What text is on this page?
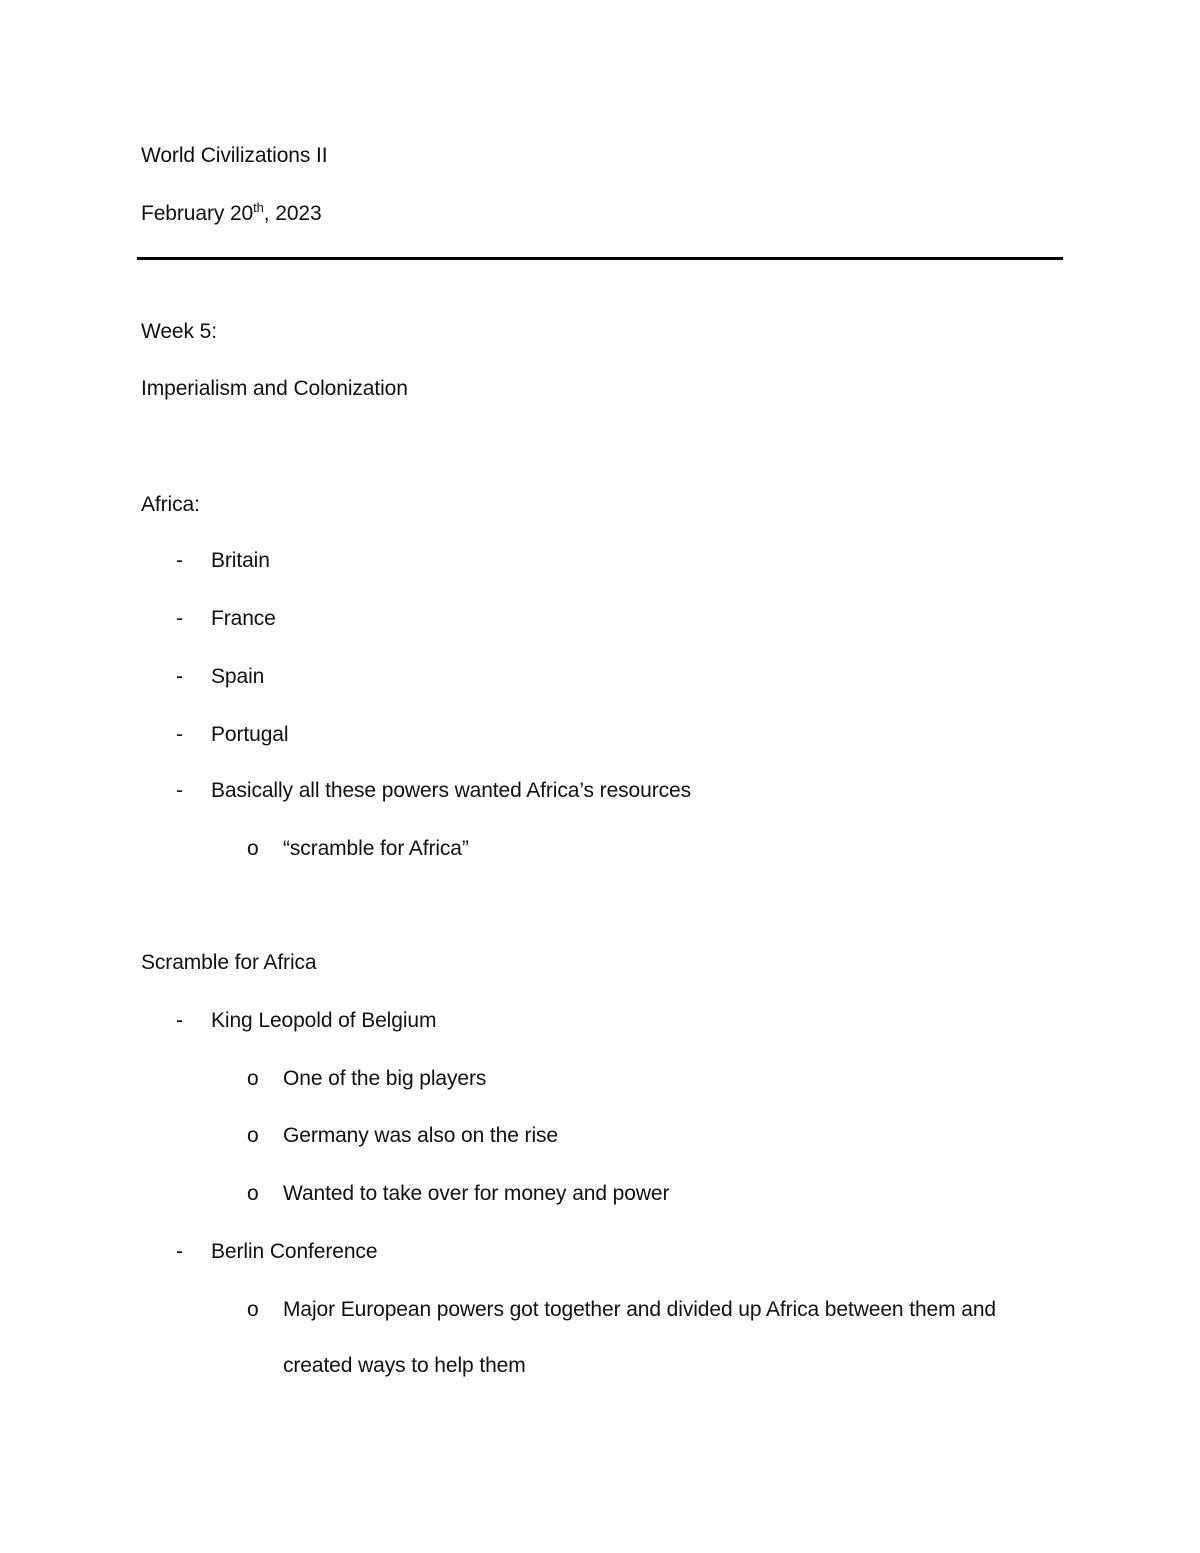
World Civilizations II
February 20th, 2023
Week 5:
Imperialism and Colonization
Africa:
- Britain
- France
- Spain
- Portugal
- Basically all these powers wanted Africa’s resources
o “scramble for Africa”
Scramble for Africa
- King Leopold of Belgium
o One of the big players
o Germany was also on the rise
o Wanted to take over for money and power
- Berlin Conference
o Major European powers got together and divided up Africa between them and
created ways to help them
